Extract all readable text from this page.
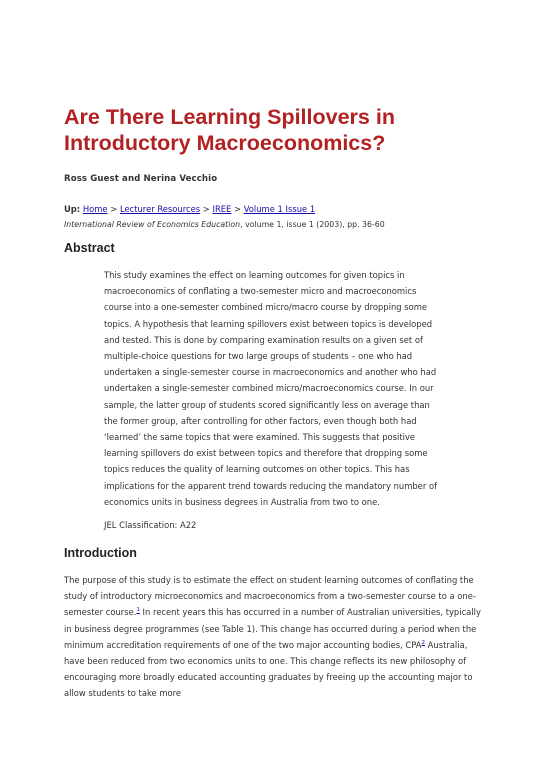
Are There Learning Spillovers in
Introductory Macroeconomics?
Ross Guest and Nerina Vecchio
Up: Home > Lecturer Resources > IREE > Volume 1 Issue 1
International Review of Economics Education, volume 1, issue 1 (2003), pp. 36-60
Abstract
This study examines the effect on learning outcomes for given topics in macroeconomics of conflating a two-semester micro and macroeconomics course into a one-semester combined micro/macro course by dropping some topics. A hypothesis that learning spillovers exist between topics is developed and tested. This is done by comparing examination results on a given set of multiple-choice questions for two large groups of students – one who had undertaken a single-semester course in macroeconomics and another who had undertaken a single-semester combined micro/macroeconomics course. In our sample, the latter group of students scored significantly less on average than the former group, after controlling for other factors, even though both had ‘learned’ the same topics that were examined. This suggests that positive learning spillovers do exist between topics and therefore that dropping some topics reduces the quality of learning outcomes on other topics. This has implications for the apparent trend towards reducing the mandatory number of economics units in business degrees in Australia from two to one.
JEL Classification: A22
Introduction
The purpose of this study is to estimate the effect on student learning outcomes of conflating the study of introductory microeconomics and macroeconomics from a two-semester course to a one-semester course.$^1$ In recent years this has occurred in a number of Australian universities, typically in business degree programmes (see Table 1). This change has occurred during a period when the minimum accreditation requirements of one of the two major accounting bodies, CPA$^2$ Australia, have been reduced from two economics units to one. This change reflects its new philosophy of encouraging more broadly educated accounting graduates by freeing up the accounting major to allow students to take more
